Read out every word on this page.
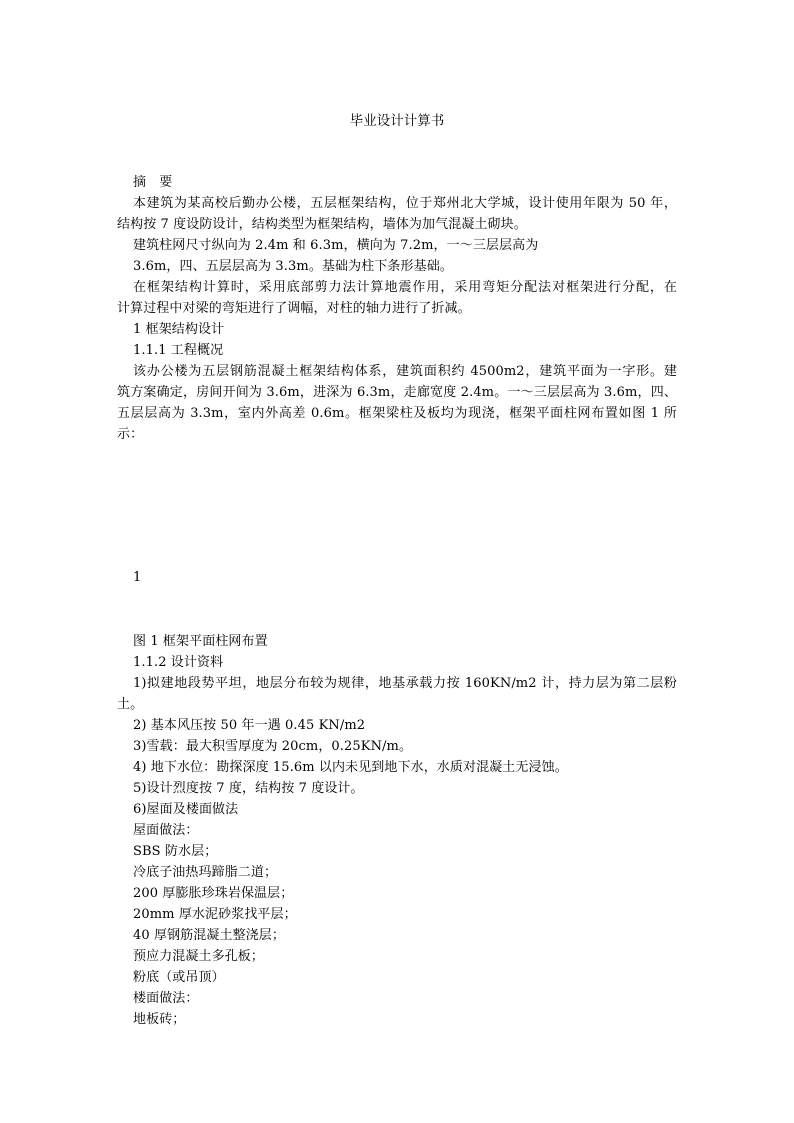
毕业设计计算书
摘　要
本建筑为某高校后勤办公楼，五层框架结构，位于郑州北大学城，设计使用年限为 50 年，
结构按 7 度设防设计，结构类型为框架结构，墙体为加气混凝土砌块。
建筑柱网尺寸纵向为 2.4m 和 6.3m，横向为 7.2m，一～三层层高为
3.6m，四、五层层高为 3.3m。基础为柱下条形基础。
在框架结构计算时，采用底部剪力法计算地震作用，采用弯矩分配法对框架进行分配，在
计算过程中对梁的弯矩进行了调幅，对柱的轴力进行了折减。
1 框架结构设计
1.1.1 工程概况
该办公楼为五层钢筋混凝土框架结构体系，建筑面积约 4500m2，建筑平面为一字形。建
筑方案确定，房间开间为 3.6m，进深为 6.3m，走廊宽度 2.4m。一～三层层高为 3.6m，四、
五层层高为 3.3m，室内外高差 0.6m。框架梁柱及板均为现浇，框架平面柱网布置如图 1 所
示：
1
图 1 框架平面柱网布置
1.1.2 设计资料
1)拟建地段势平坦，地层分布较为规律，地基承载力按 160KN/m2 计，持力层为第二层粉
土。
2) 基本风压按 50 年一遇 0.45 KN/m2
3)雪载：最大积雪厚度为 20cm，0.25KN/m。
4) 地下水位：勘探深度 15.6m 以内未见到地下水，水质对混凝土无浸蚀。
5)设计烈度按 7 度，结构按 7 度设计。
6)屋面及楼面做法
屋面做法：
SBS 防水层；
冷底子油热玛蹄脂二道；
200 厚膨胀珍珠岩保温层；
20mm 厚水泥砂浆找平层；
40 厚钢筋混凝土整浇层；
预应力混凝土多孔板；
粉底（或吊顶）
楼面做法：
地板砖；
